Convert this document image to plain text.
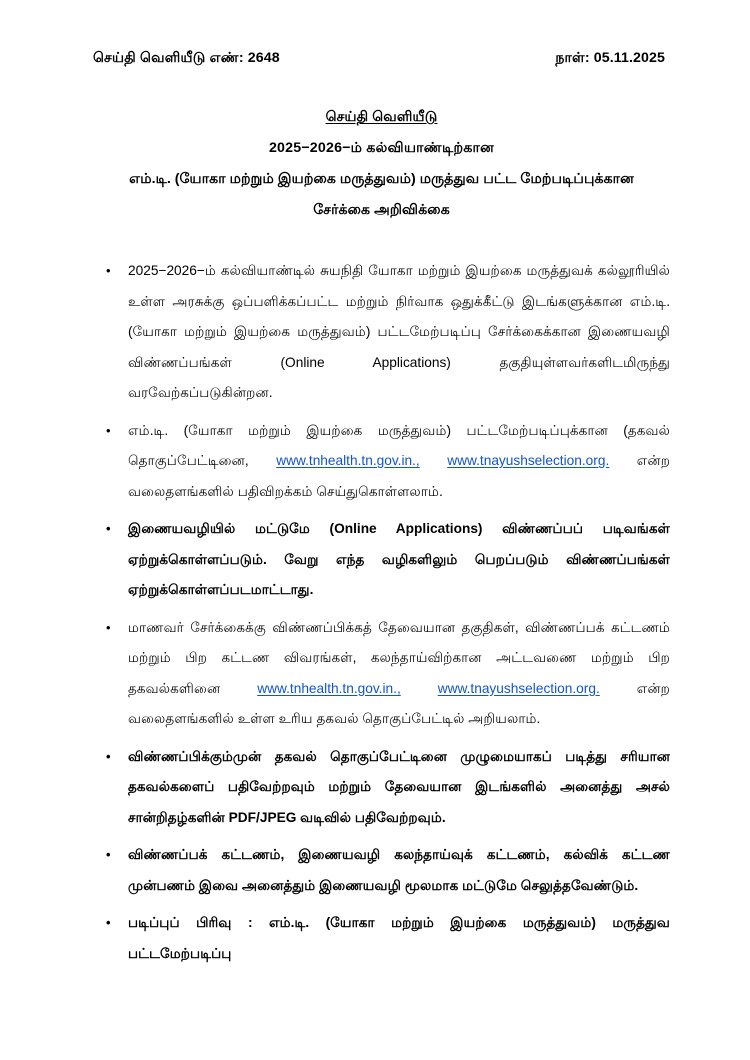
செய்தி வெளியீடு எண்: 2648	நாள்: 05.11.2025
செய்தி வெளியீடு
2025−2026−ம் கல்வியாண்டிற்கான
எம்.டி. (யோகா மற்றும் இயற்கை மருத்துவம்) மருத்துவ பட்ட மேற்படிப்புக்கான
சேர்க்கை அறிவிக்கை
• 2025−2026−ம் கல்வியாண்டில் சுயநிதி யோகா மற்றும் இயற்கை மருத்துவக் கல்லூரியில் உள்ள அரசுக்கு ஒப்பளிக்கப்பட்ட மற்றும் நிர்வாக ஒதுக்கீட்டு இடங்களுக்கான எம்.டி. (யோகா மற்றும் இயற்கை மருத்துவம்) பட்டமேற்படிப்பு சேர்க்கைக்கான இணையவழி விண்ணப்பங்கள் (Online Applications) தகுதியுள்ளவர்களிடமிருந்து வரவேற்கப்படுகின்றன.
• எம்.டி. (யோகா மற்றும் இயற்கை மருத்துவம்) பட்டமேற்படிப்புக்கான (தகவல் தொகுப்பேட்டினை, www.tnhealth.tn.gov.in., www.tnayushselection.org. என்ற வலைதளங்களில் பதிவிறக்கம் செய்துகொள்ளலாம்.
• இணையவழியில் மட்டுமே (Online Applications) விண்ணப்பப் படிவங்கள் ஏற்றுக்கொள்ளப்படும். வேறு எந்த வழிகளிலும் பெறப்படும் விண்ணப்பங்கள் ஏற்றுக்கொள்ளப்படமாட்டாது.
• மாணவர் சேர்க்கைக்கு விண்ணப்பிக்கத் தேவையான தகுதிகள், விண்ணப்பக் கட்டணம் மற்றும் பிற கட்டண விவரங்கள், கலந்தாய்விற்கான அட்டவணை மற்றும் பிற தகவல்களினை	www.tnhealth.tn.gov.in.,	www.tnayushselection.org.	என்ற வலைதளங்களில் உள்ள உரிய தகவல் தொகுப்பேட்டில் அறியலாம்.
• விண்ணப்பிக்கும்முன் தகவல் தொகுப்பேட்டினை முழுமையாகப் படித்து சரியான தகவல்களைப் பதிவேற்றவும் மற்றும் தேவையான இடங்களில் அனைத்து அசல் சான்றிதழ்களின் PDF/JPEG வடிவில் பதிவேற்றவும்.
• விண்ணப்பக் கட்டணம், இணையவழி கலந்தாய்வுக் கட்டணம், கல்விக் கட்டண முன்பணம் இவை அனைத்தும் இணையவழி மூலமாக மட்டுமே செலுத்தவேண்டும்.
• படிப்புப் பிரிவு : எம்.டி. (யோகா மற்றும் இயற்கை மருத்துவம்) மருத்துவ பட்டமேற்படிப்பு
